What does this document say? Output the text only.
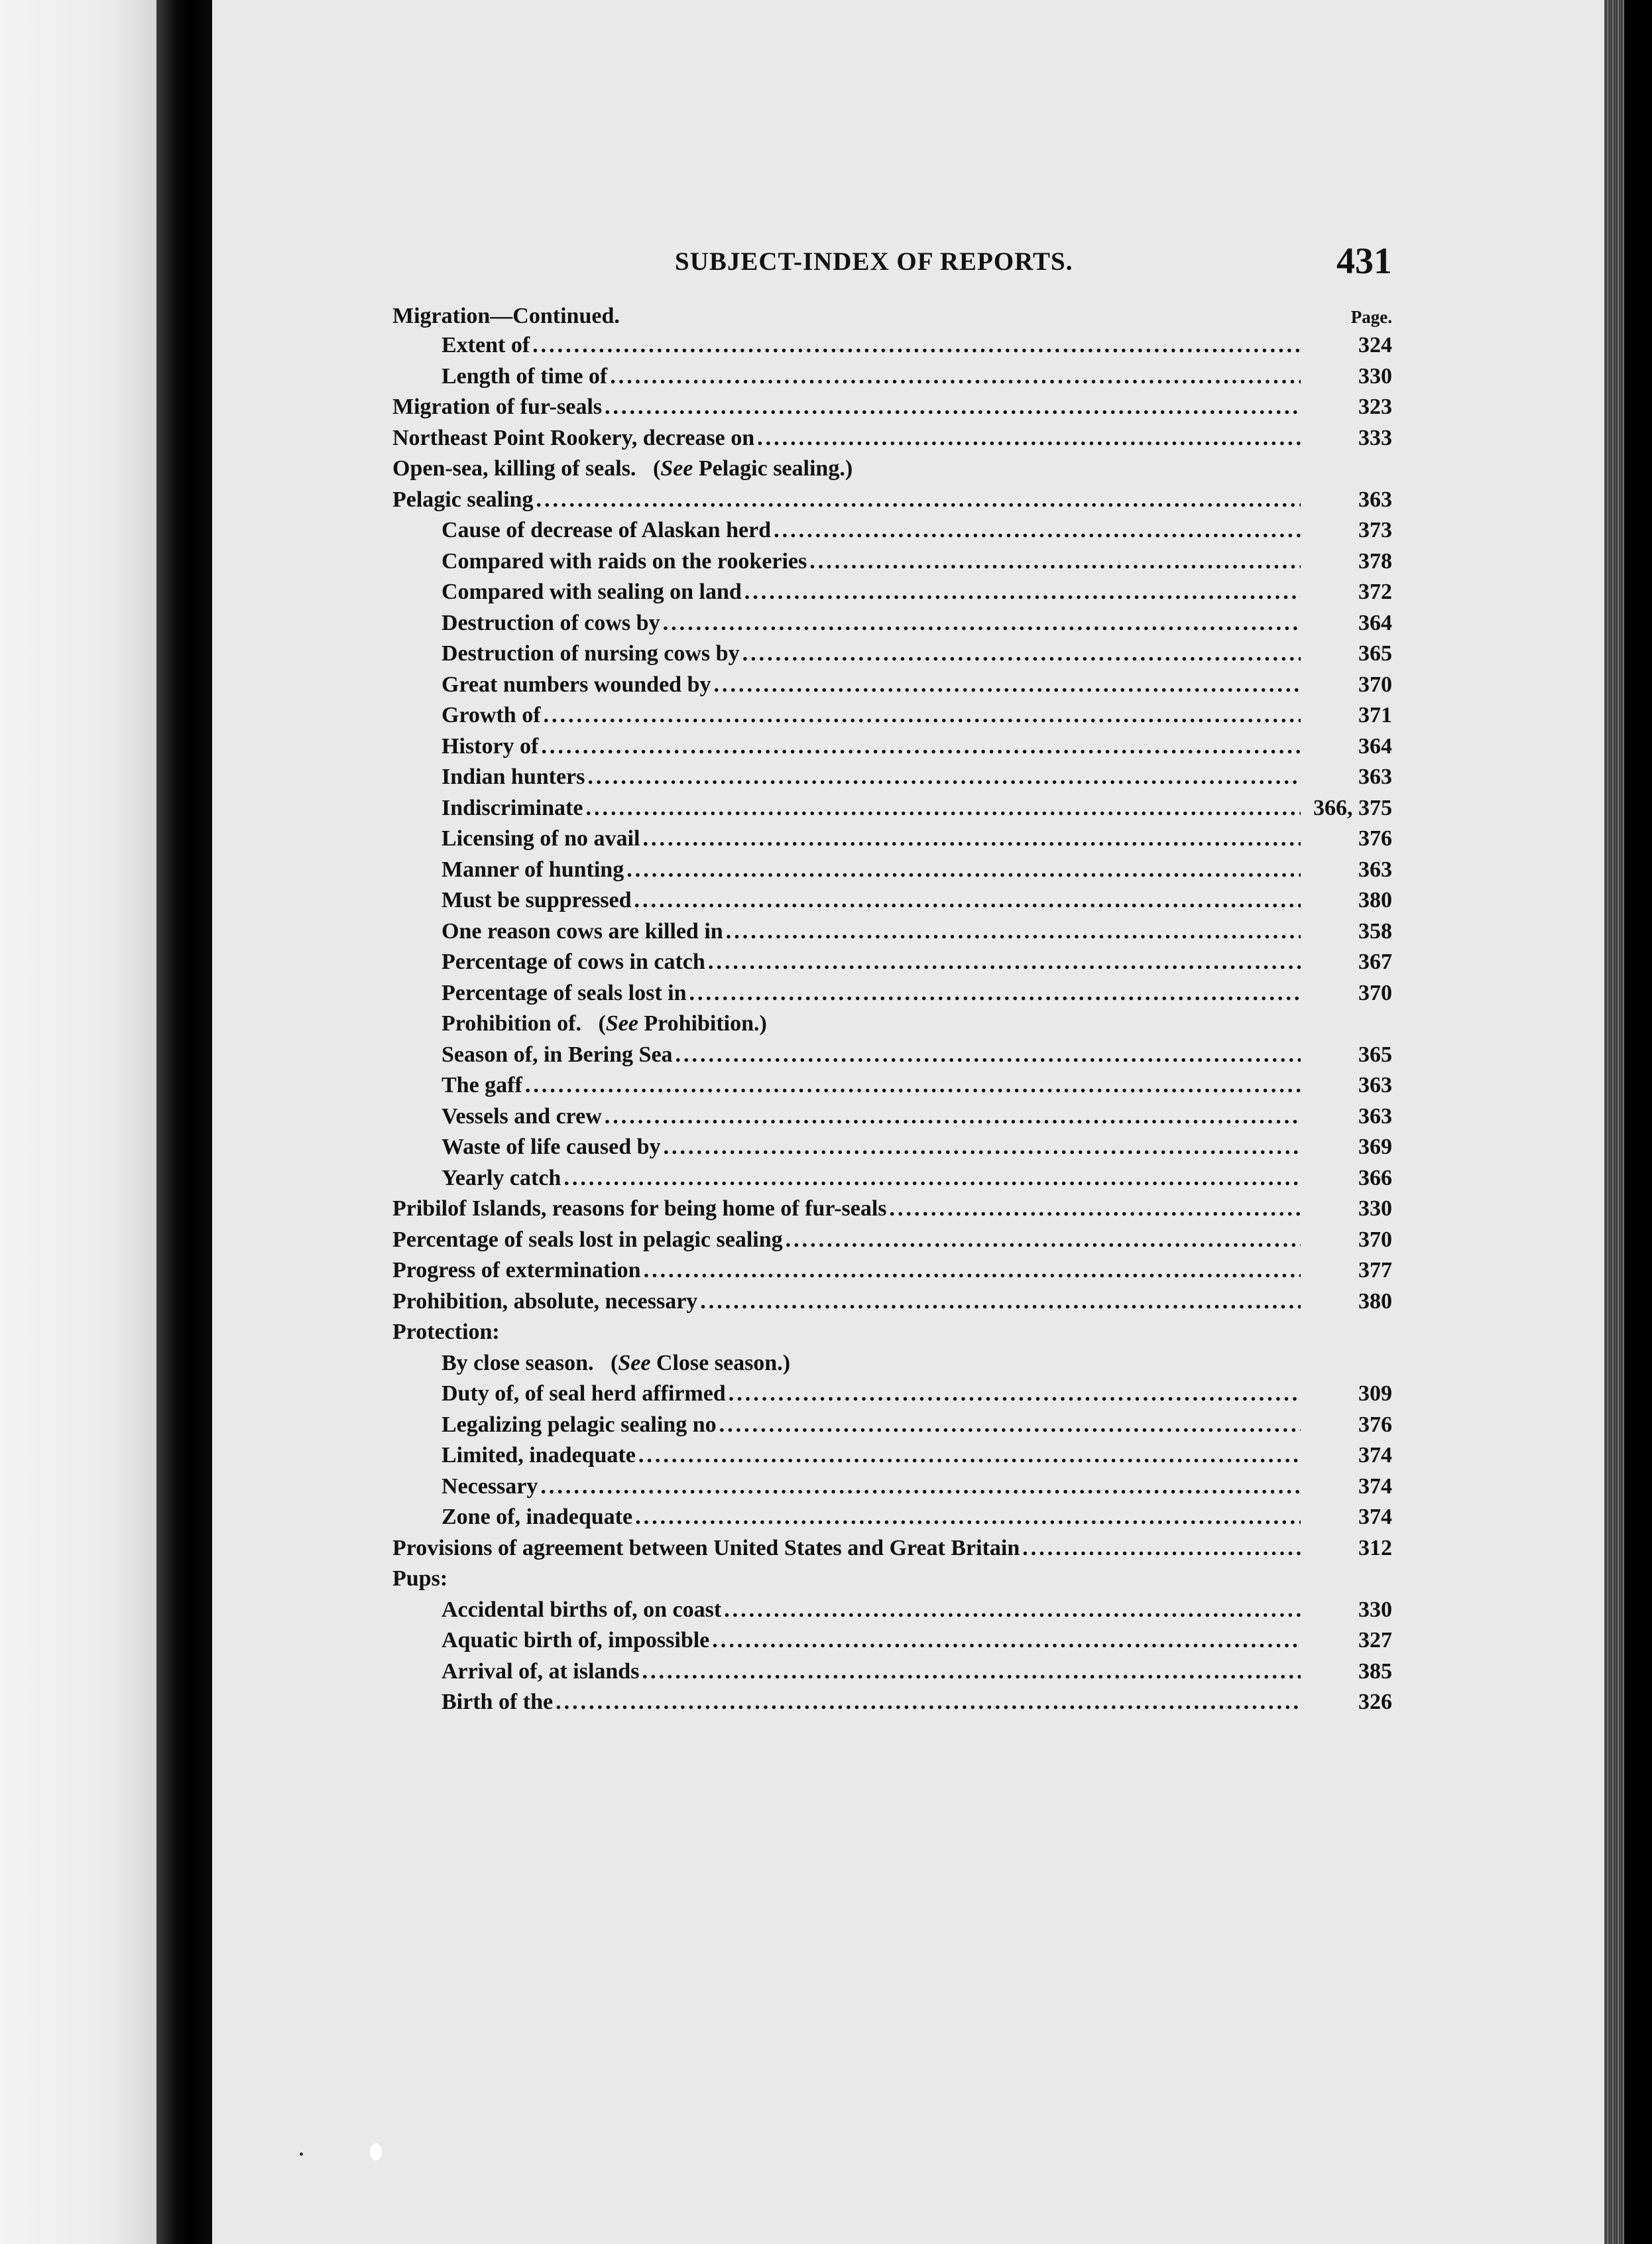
SUBJECT-INDEX OF REPORTS.	431
Migration—Continued.	Page.
Extent of .....	324
Length of time of .....	330
Migration of fur-seals .....	323
Northeast Point Rookery, decrease on .....	333
Open-sea, killing of seals. (See Pelagic sealing.)
Pelagic sealing .....	363
Cause of decrease of Alaskan herd .....	373
Compared with raids on the rookeries .....	378
Compared with sealing on land .....	372
Destruction of cows by .....	364
Destruction of nursing cows by .....	365
Great numbers wounded by .....	370
Growth of .....	371
History of .....	364
Indian hunters .....	363
Indiscriminate .....	366, 375
Licensing of no avail .....	376
Manner of hunting .....	363
Must be suppressed .....	380
One reason cows are killed in .....	358
Percentage of cows in catch .....	367
Percentage of seals lost in .....	370
Prohibition of. (See Prohibition.)
Season of, in Bering Sea .....	365
The gaff .....	363
Vessels and crew .....	363
Waste of life caused by .....	369
Yearly catch .....	366
Pribilof Islands, reasons for being home of fur-seals .....	330
Percentage of seals lost in pelagic sealing .....	370
Progress of extermination .....	377
Prohibition, absolute, necessary .....	380
Protection:
By close season. (See Close season.)
Duty of, of seal herd affirmed .....	309
Legalizing pelagic sealing no .....	376
Limited, inadequate .....	374
Necessary .....	374
Zone of, inadequate .....	374
Provisions of agreement between United States and Great Britain .....	312
Pups:
Accidental births of, on coast .....	330
Aquatic birth of, impossible .....	327
Arrival of, at islands .....	385
Birth of the .....	326
